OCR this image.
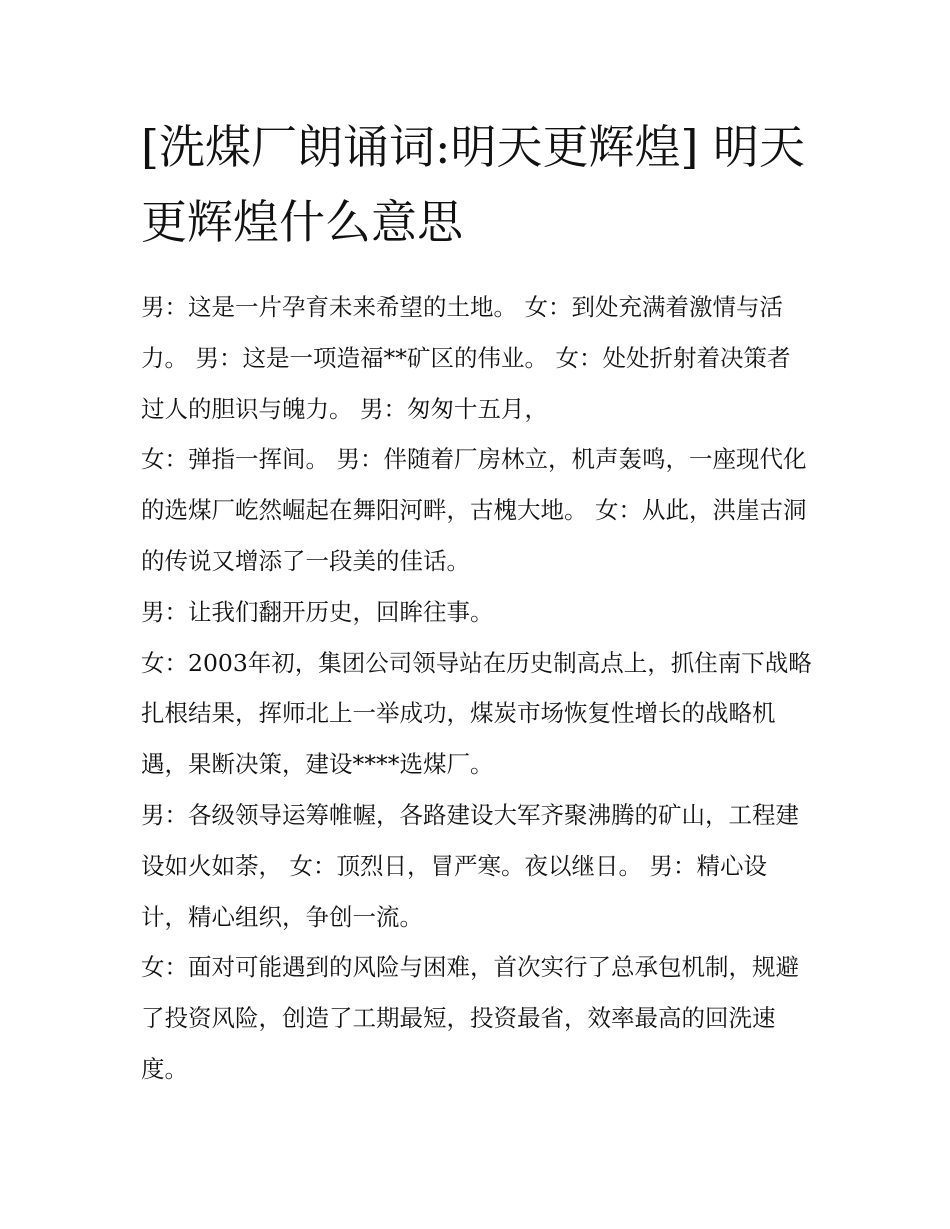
[洗煤厂朗诵词:明天更辉煌] 明天更辉煌什么意思

男：这是一片孕育未来希望的土地。 女：到处充满着激情与活力。 男：这是一项造福**矿区的伟业。 女：处处折射着决策者过人的胆识与魄力。 男：匆匆十五月，

女：弹指一挥间。 男：伴随着厂房林立，机声轰鸣，一座现代化的选煤厂屹然崛起在舞阳河畔，古槐大地。 女：从此，洪崖古洞的传说又增添了一段美的佳话。

男：让我们翻开历史，回眸往事。

女：2003年初，集团公司领导站在历史制高点上，抓住南下战略扎根结果，挥师北上一举成功，煤炭市场恢复性增长的战略机遇，果断决策，建设****选煤厂。

男：各级领导运筹帷幄，各路建设大军齐聚沸腾的矿山，工程建设如火如荼， 女：顶烈日，冒严寒。夜以继日。 男：精心设计，精心组织，争创一流。

女：面对可能遇到的风险与困难，首次实行了总承包机制，规避了投资风险，创造了工期最短，投资最省，效率最高的回洗速度。
